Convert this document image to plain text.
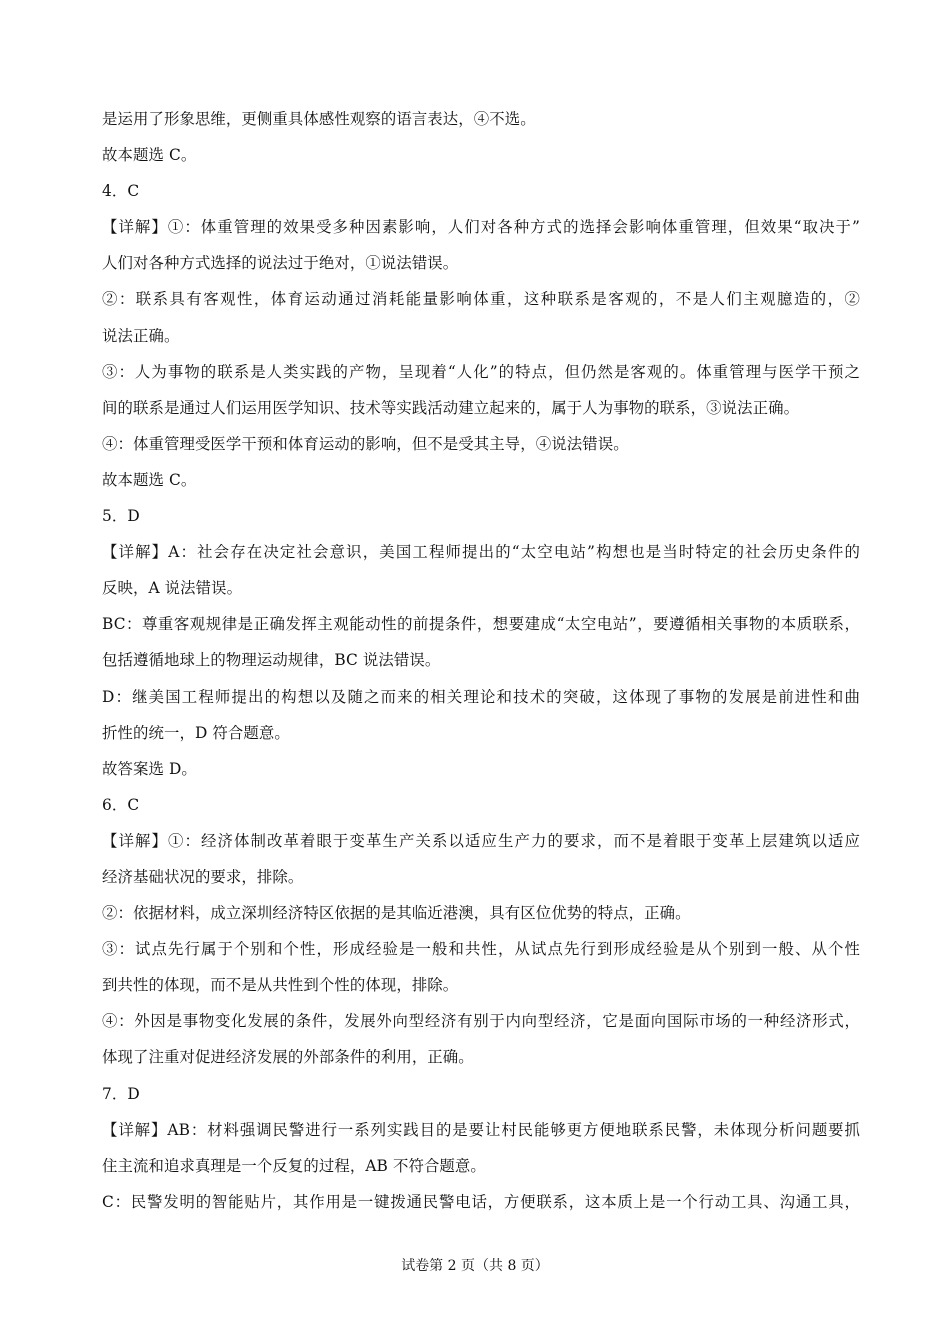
是运用了形象思维，更侧重具体感性观察的语言表达，④不选。
故本题选 C。
4．C
【详解】①：体重管理的效果受多种因素影响，人们对各种方式的选择会影响体重管理，但效果“取决于”
人们对各种方式选择的说法过于绝对，①说法错误。
②：联系具有客观性，体育运动通过消耗能量影响体重，这种联系是客观的，不是人们主观臆造的，②
说法正确。
③：人为事物的联系是人类实践的产物，呈现着“人化”的特点，但仍然是客观的。体重管理与医学干预之
间的联系是通过人们运用医学知识、技术等实践活动建立起来的，属于人为事物的联系，③说法正确。
④：体重管理受医学干预和体育运动的影响，但不是受其主导，④说法错误。
故本题选 C。
5．D
【详解】A：社会存在决定社会意识，美国工程师提出的“太空电站”构想也是当时特定的社会历史条件的
反映，A 说法错误。
BC：尊重客观规律是正确发挥主观能动性的前提条件，想要建成“太空电站”，要遵循相关事物的本质联系，
包括遵循地球上的物理运动规律，BC 说法错误。
D：继美国工程师提出的构想以及随之而来的相关理论和技术的突破，这体现了事物的发展是前进性和曲
折性的统一，D 符合题意。
故答案选 D。
6．C
【详解】①：经济体制改革着眼于变革生产关系以适应生产力的要求，而不是着眼于变革上层建筑以适应
经济基础状况的要求，排除。
②：依据材料，成立深圳经济特区依据的是其临近港澳，具有区位优势的特点，正确。
③：试点先行属于个别和个性，形成经验是一般和共性，从试点先行到形成经验是从个别到一般、从个性
到共性的体现，而不是从共性到个性的体现，排除。
④：外因是事物变化发展的条件，发展外向型经济有别于内向型经济，它是面向国际市场的一种经济形式，
体现了注重对促进经济发展的外部条件的利用，正确。
7．D
【详解】AB：材料强调民警进行一系列实践目的是要让村民能够更方便地联系民警，未体现分析问题要抓
住主流和追求真理是一个反复的过程，AB 不符合题意。
C：民警发明的智能贴片，其作用是一键拨通民警电话，方便联系，这本质上是一个行动工具、沟通工具，
试卷第 2 页（共 8 页）
